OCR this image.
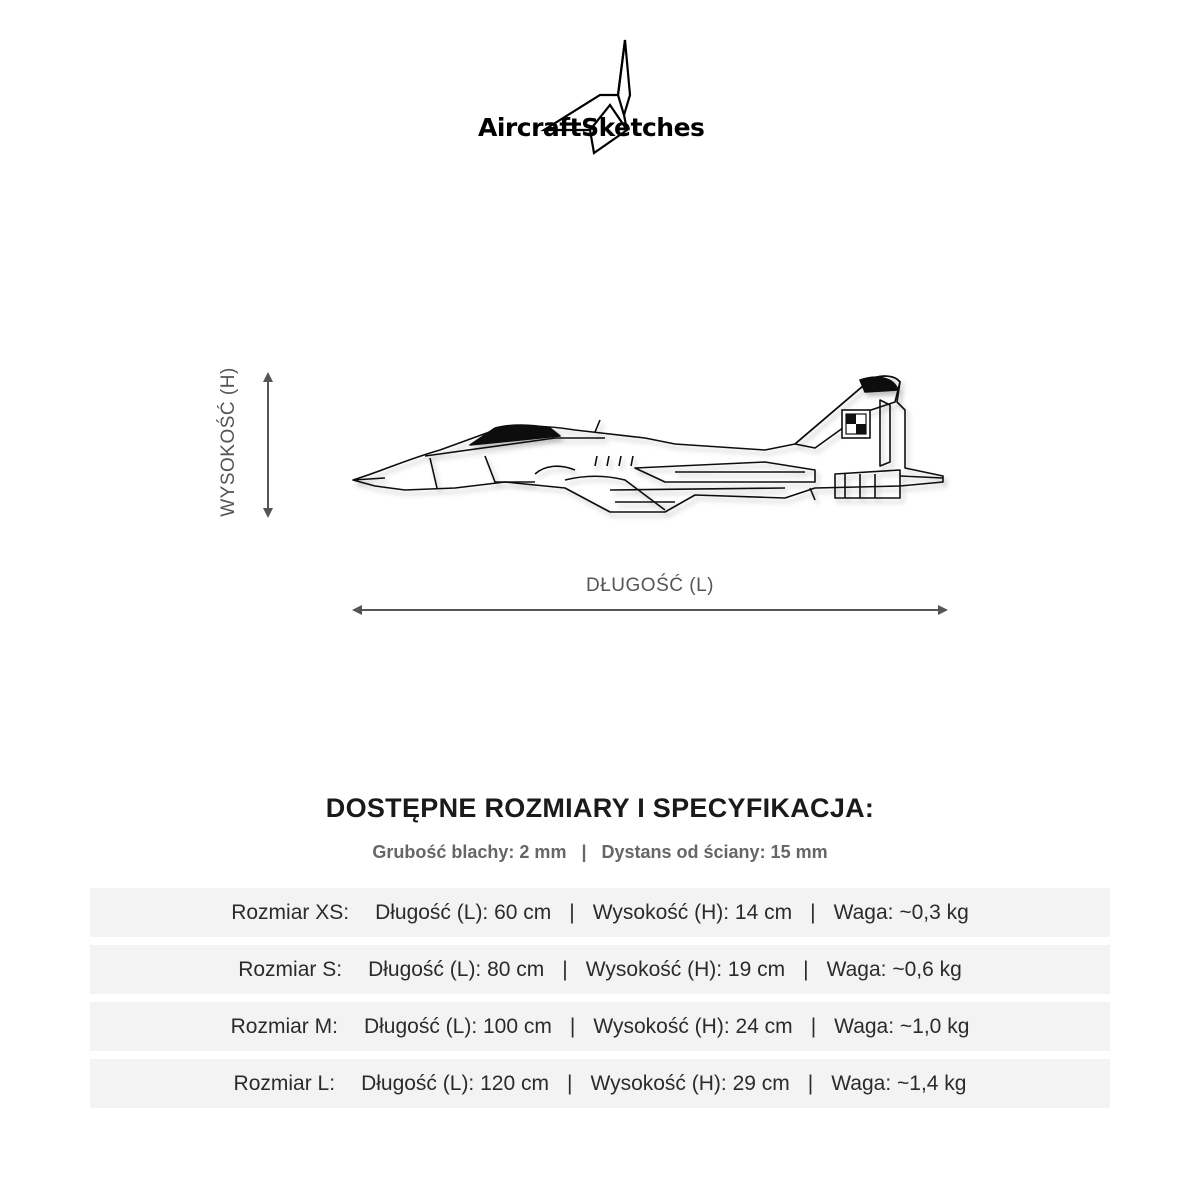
AircraftSketches
WYSOKOŚĆ (H)
DŁUGOŚĆ (L)
DOSTĘPNE ROZMIARY I SPECYFIKACJA:
Grubość blachy: 2 mm   |   Dystans od ściany: 15 mm
Rozmiar XS: Długość (L): 60 cm | Wysokość (H): 14 cm | Waga: ~0,3 kg
Rozmiar S: Długość (L): 80 cm | Wysokość (H): 19 cm | Waga: ~0,6 kg
Rozmiar M: Długość (L): 100 cm | Wysokość (H): 24 cm | Waga: ~1,0 kg
Rozmiar L: Długość (L): 120 cm | Wysokość (H): 29 cm | Waga: ~1,4 kg
